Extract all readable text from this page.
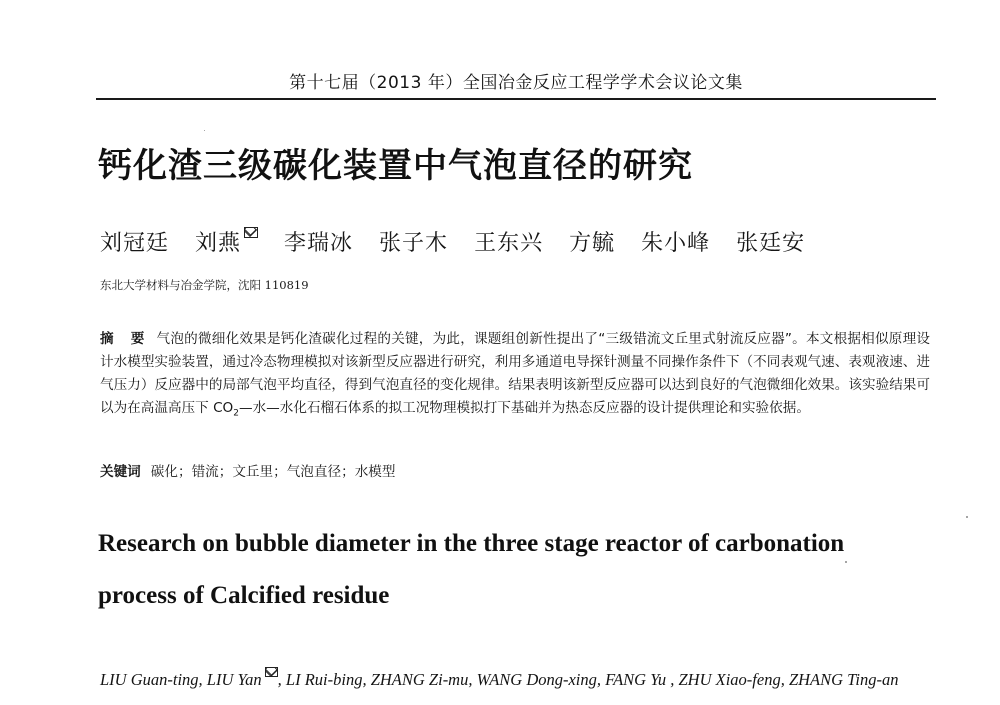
第十七届（2013 年）全国冶金反应工程学学术会议论文集
钙化渣三级碳化装置中气泡直径的研究
刘冠廷 刘燕 李瑞冰 张子木 王东兴 方毓 朱小峰 张廷安
东北大学材料与冶金学院，沈阳 110819
摘 要 气泡的微细化效果是钙化渣碳化过程的关键，为此，课题组创新性提出了“三级错流文丘里式射流反应器”。本文根据相似原理设计水模型实验装置，通过冷态物理模拟对该新型反应器进行研究，利用多通道电导探针测量不同操作条件下（不同表观气速、表观液速、进气压力）反应器中的局部气泡平均直径，得到气泡直径的变化规律。结果表明该新型反应器可以达到良好的气泡微细化效果。该实验结果可以为在高温高压下 $CO_2—$水—水化石榴石体系的拟工况物理模拟打下基础并为热态反应器的设计提供理论和实验依据。
关键词 碳化；错流；文丘里；气泡直径；水模型
Research on bubble diameter in the three stage reactor of carbonation process of Calcified residue
LIU Guan-ting, LIU Yan , LI Rui-bing, ZHANG Zi-mu, WANG Dong-xing, FANG Yu , ZHU Xiao-feng, ZHANG Ting-an
